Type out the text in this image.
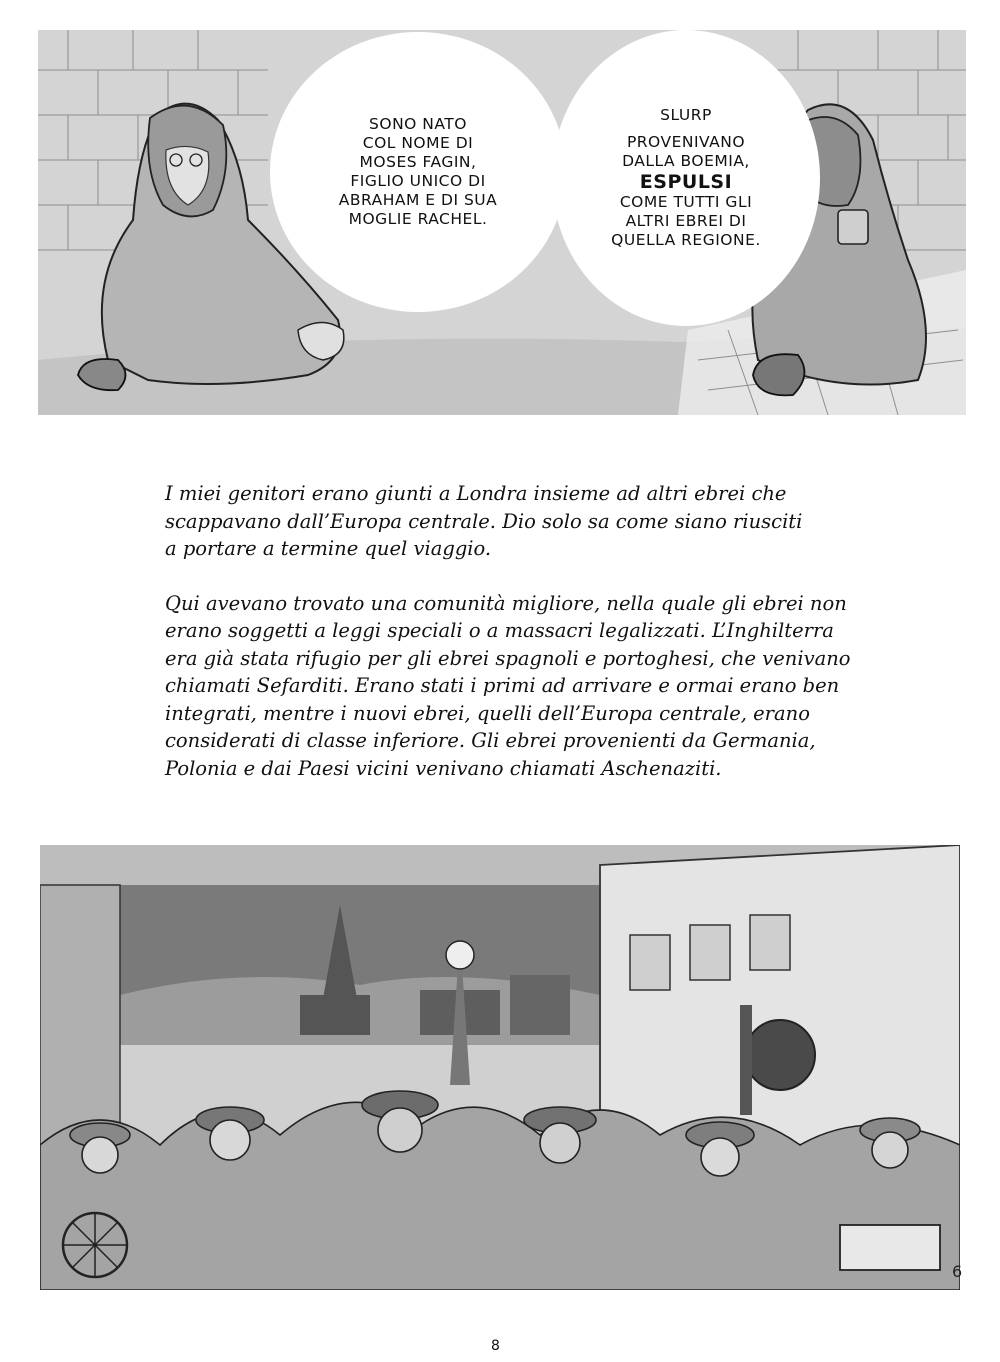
SONO NATO
COL NOME DI
MOSES FAGIN,
FIGLIO UNICO DI
ABRAHAM E DI SUA
MOGLIE RACHEL.
SLURP
PROVENIVANO
DALLA BOEMIA,
ESPULSI
COME TUTTI GLI
ALTRI EBREI DI
QUELLA REGIONE.

I miei genitori erano giunti a Londra insieme ad altri ebrei che
scappavano dall’Europa centrale. Dio solo sa come siano riusciti
a portare a termine quel viaggio.

Qui avevano trovato una comunità migliore, nella quale gli ebrei non
erano soggetti a leggi speciali o a massacri legalizzati. L’Inghilterra
era già stata rifugio per gli ebrei spagnoli e portoghesi, che venivano
chiamati Sefarditi. Erano stati i primi ad arrivare e ormai erano ben
integrati, mentre i nuovi ebrei, quelli dell’Europa centrale, erano
considerati di classe inferiore. Gli ebrei provenienti da Germania,
Polonia e dai Paesi vicini venivano chiamati Aschenaziti.

6
8
